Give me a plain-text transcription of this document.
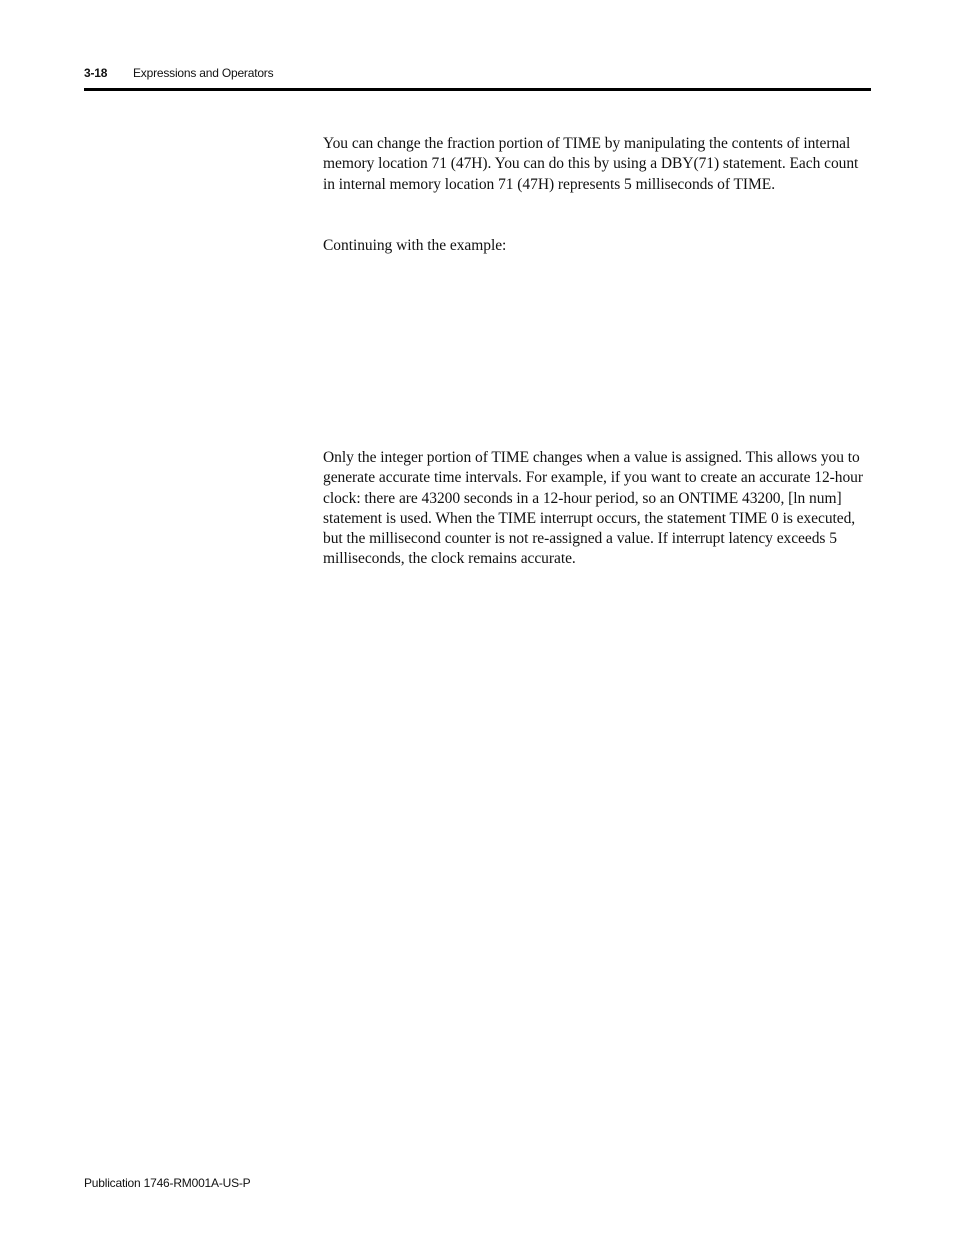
3-18 Expressions and Operators

You can change the fraction portion of TIME by manipulating the contents of internal memory location 71 (47H). You can do this by using a DBY(71) statement. Each count in internal memory location 71 (47H) represents 5 milliseconds of TIME.

Continuing with the example:

Only the integer portion of TIME changes when a value is assigned. This allows you to generate accurate time intervals. For example, if you want to create an accurate 12-hour clock: there are 43200 seconds in a 12-hour period, so an ONTIME 43200, [ln num] statement is used. When the TIME interrupt occurs, the statement TIME 0 is executed, but the millisecond counter is not re-assigned a value. If interrupt latency exceeds 5 milliseconds, the clock remains accurate.

Publication 1746-RM001A-US-P
